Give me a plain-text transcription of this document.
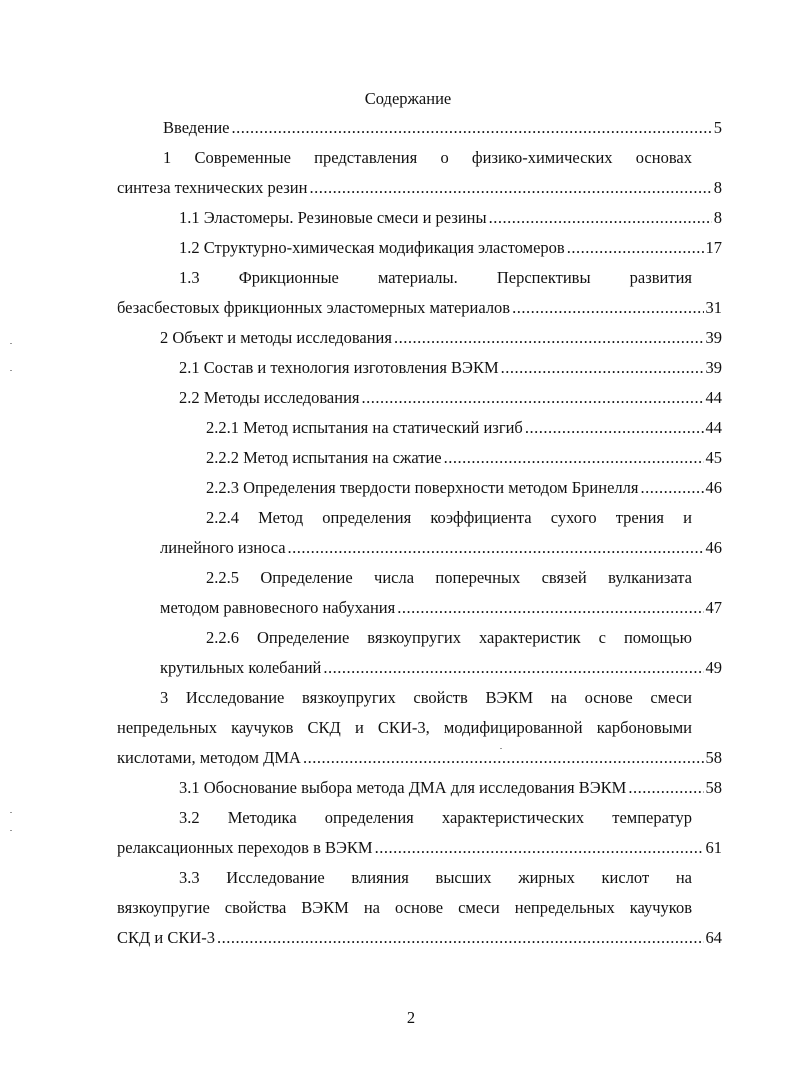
Содержание
Введение .....	5
1 Современные представления о физико-химических основах
синтеза технических резин .....	8
1.1 Эластомеры. Резиновые смеси и резины .....	8
1.2 Структурно-химическая модификация эластомеров .....	17
1.3 Фрикционные материалы. Перспективы развития
безасбестовых фрикционных эластомерных материалов .....	31
2 Объект и методы исследования .....	39
2.1 Состав и технология изготовления ВЭКМ .....	39
2.2 Методы исследования .....	44
2.2.1 Метод испытания на статический изгиб .....	44
2.2.2 Метод испытания на сжатие .....	45
2.2.3 Определения твердости поверхности методом Бринелля .....	46
2.2.4 Метод определения коэффициента сухого трения и
линейного износа .....	46
2.2.5 Определение числа поперечных связей вулканизата
методом равновесного набухания .....	47
2.2.6 Определение вязкоупругих характеристик с помощью
крутильных колебаний .....	49
3 Исследование вязкоупругих свойств ВЭКМ на основе смеси
непредельных каучуков СКД и СКИ-3, модифицированной карбоновыми
кислотами, методом ДМА .....	58
3.1 Обоснование выбора метода ДМА для исследования ВЭКМ .....	58
3.2 Методика определения характеристических температур
релаксационных переходов в ВЭКМ .....	61
3.3 Исследование влияния высших жирных кислот на
вязкоупругие свойства ВЭКМ на основе смеси непредельных каучуков
СКД и СКИ-3 .....	64
2
